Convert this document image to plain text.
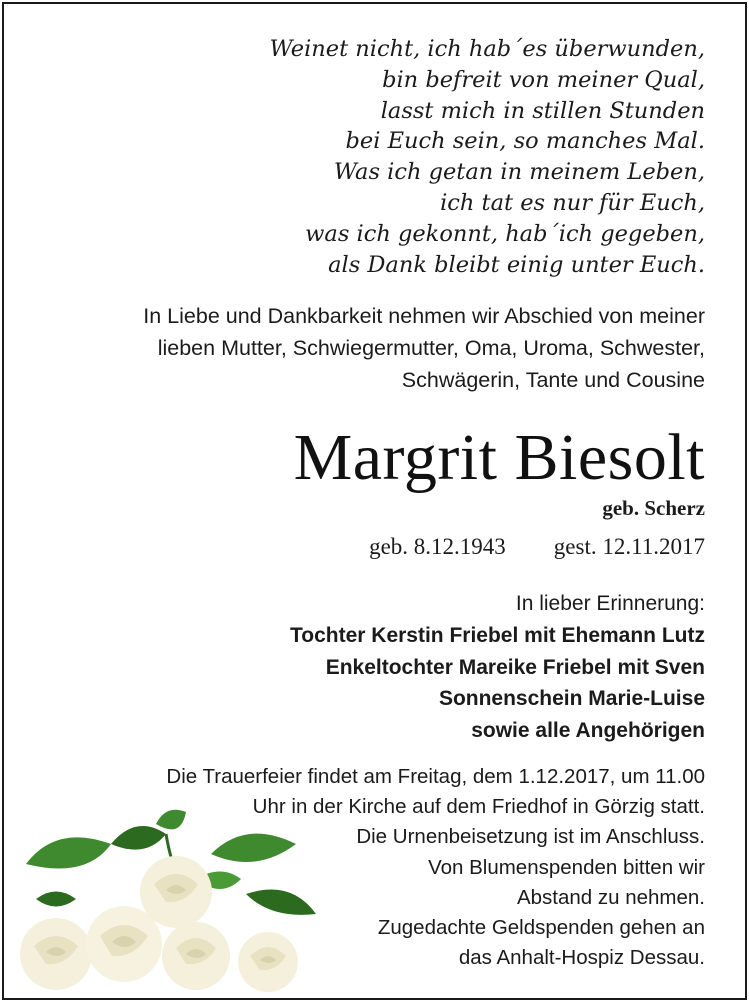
Weinet nicht, ich hab´es überwunden,
bin befreit von meiner Qual,
lasst mich in stillen Stunden
bei Euch sein, so manches Mal.
Was ich getan in meinem Leben,
ich tat es nur für Euch,
was ich gekonnt, hab´ich gegeben,
als Dank bleibt einig unter Euch.
In Liebe und Dankbarkeit nehmen wir Abschied von meiner
lieben Mutter, Schwiegermutter, Oma, Uroma, Schwester,
Schwägerin, Tante und Cousine
Margrit Biesolt
geb. Scherz
geb. 8.12.1943 gest. 12.11.2017
In lieber Erinnerung:
Tochter Kerstin Friebel mit Ehemann Lutz
Enkeltochter Mareike Friebel mit Sven
Sonnenschein Marie-Luise
sowie alle Angehörigen
Die Trauerfeier findet am Freitag, dem 1.12.2017, um 11.00
Uhr in der Kirche auf dem Friedhof in Görzig statt.
Die Urnenbeisetzung ist im Anschluss.
Von Blumenspenden bitten wir
Abstand zu nehmen.
Zugedachte Geldspenden gehen an
das Anhalt-Hospiz Dessau.
